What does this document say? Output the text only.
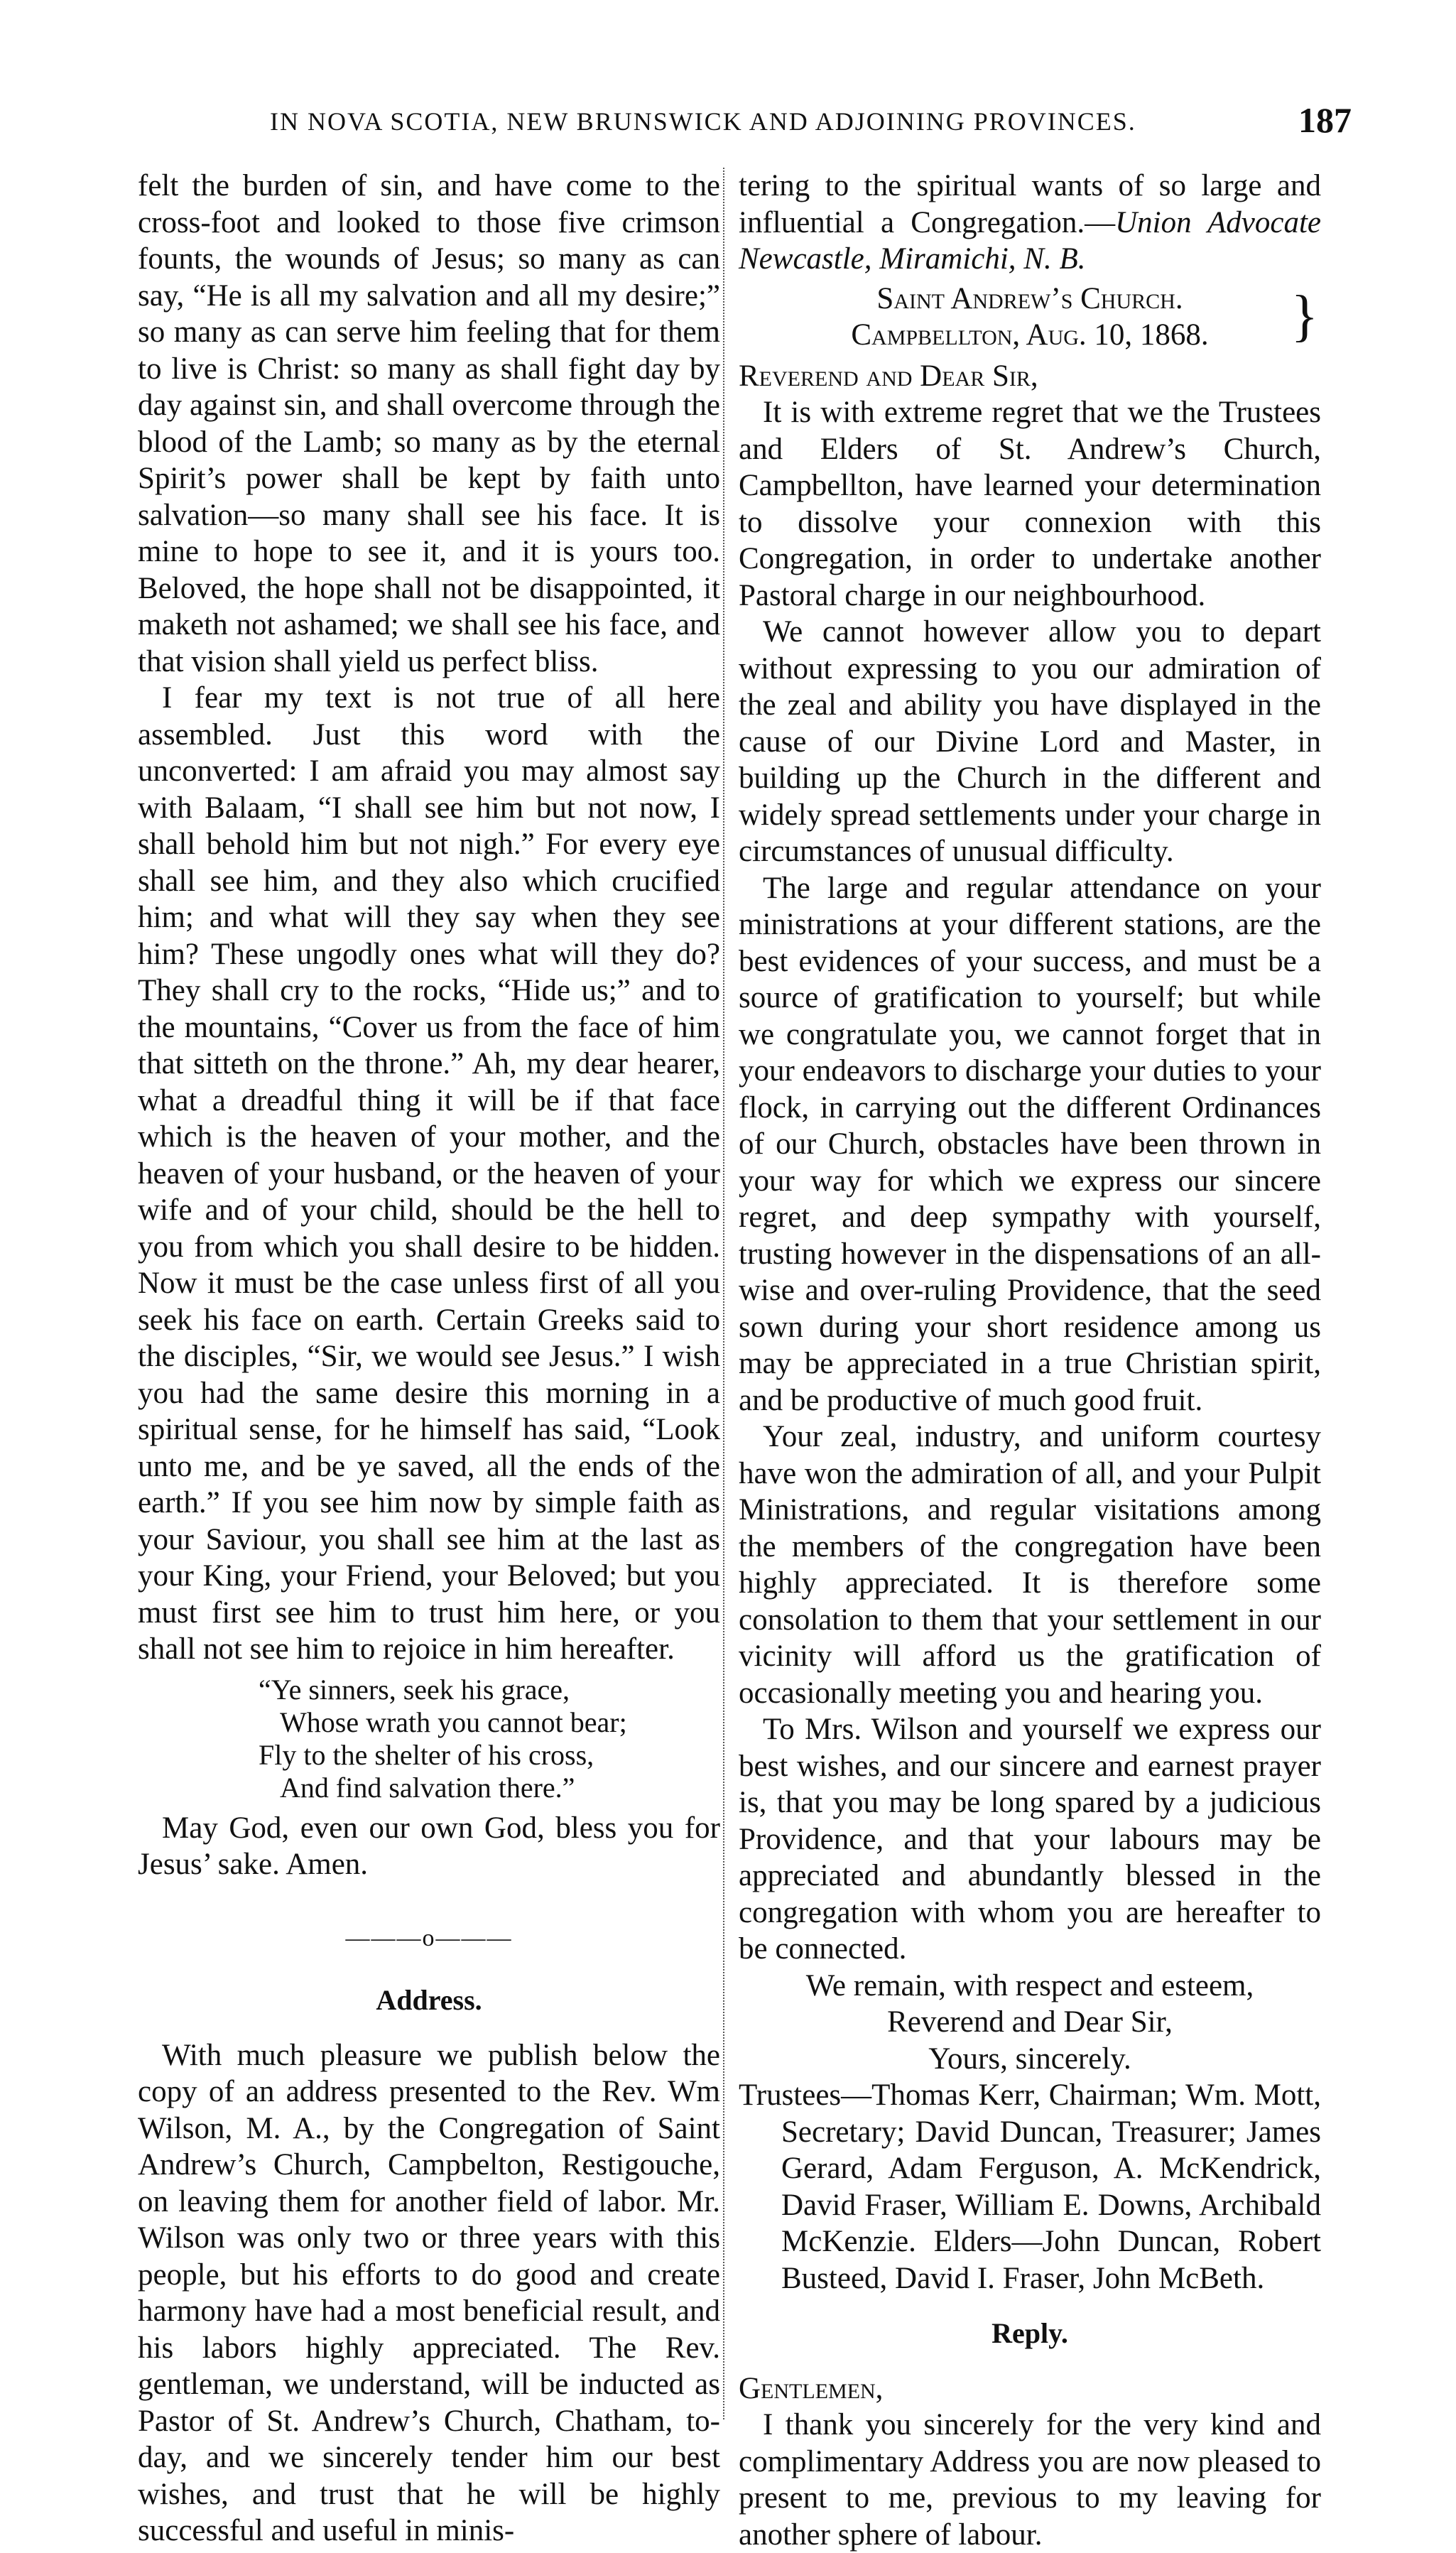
IN NOVA SCOTIA, NEW BRUNSWICK AND ADJOINING PROVINCES.	187

felt the burden of sin, and have come to the cross-foot and looked to those five crimson founts, the wounds of Jesus; so many as can say, “He is all my salvation and all my desire;” so many as can serve him feeling that for them to live is Christ: so many as shall fight day by day against sin, and shall overcome through the blood of the Lamb; so many as by the eternal Spirit’s power shall be kept by faith unto salvation—so many shall see his face. It is mine to hope to see it, and it is yours too. Beloved, the hope shall not be disappointed, it maketh not ashamed; we shall see his face, and that vision shall yield us perfect bliss.

I fear my text is not true of all here assembled. Just this word with the unconverted: I am afraid you may almost say with Balaam, “I shall see him but not now, I shall behold him but not nigh.” For every eye shall see him, and they also which crucified him; and what will they say when they see him? These ungodly ones what will they do? They shall cry to the rocks, “Hide us;” and to the mountains, “Cover us from the face of him that sitteth on the throne.” Ah, my dear hearer, what a dreadful thing it will be if that face which is the heaven of your mother, and the heaven of your husband, or the heaven of your wife and of your child, should be the hell to you from which you shall desire to be hidden. Now it must be the case unless first of all you seek his face on earth. Certain Greeks said to the disciples, “Sir, we would see Jesus.” I wish you had the same desire this morning in a spiritual sense, for he himself has said, “Look unto me, and be ye saved, all the ends of the earth.” If you see him now by simple faith as your Saviour, you shall see him at the last as your King, your Friend, your Beloved; but you must first see him to trust him here, or you shall not see him to rejoice in him hereafter.

“Ye sinners, seek his grace,
Whose wrath you cannot bear;
Fly to the shelter of his cross,
And find salvation there.”

May God, even our own God, bless you for Jesus’ sake. Amen.

———o———
Address.

With much pleasure we publish below the copy of an address presented to the Rev. Wm Wilson, M. A., by the Congregation of Saint Andrew’s Church, Campbelton, Restigouche, on leaving them for another field of labor. Mr. Wilson was only two or three years with this people, but his efforts to do good and create harmony have had a most beneficial result, and his labors highly appreciated. The Rev. gentleman, we understand, will be inducted as Pastor of St. Andrew’s Church, Chatham, to-day, and we sincerely tender him our best wishes, and trust that he will be highly successful and useful in minis-

tering to the spiritual wants of so large and influential a Congregation.—Union Advocate Newcastle, Miramichi, N. B.

Saint Andrew’s Church.
Campbellton, Aug. 10, 1868.	}

Reverend and Dear Sir,

It is with extreme regret that we the Trustees and Elders of St. Andrew’s Church, Campbellton, have learned your determination to dissolve your connexion with this Congregation, in order to undertake another Pastoral charge in our neighbourhood.

We cannot however allow you to depart without expressing to you our admiration of the zeal and ability you have displayed in the cause of our Divine Lord and Master, in building up the Church in the different and widely spread settlements under your charge in circumstances of unusual difficulty.

The large and regular attendance on your ministrations at your different stations, are the best evidences of your success, and must be a source of gratification to yourself; but while we congratulate you, we cannot forget that in your endeavors to discharge your duties to your flock, in carrying out the different Ordinances of our Church, obstacles have been thrown in your way for which we express our sincere regret, and deep sympathy with yourself, trusting however in the dispensations of an all-wise and over-ruling Providence, that the seed sown during your short residence among us may be appreciated in a true Christian spirit, and be productive of much good fruit.

Your zeal, industry, and uniform courtesy have won the admiration of all, and your Pulpit Ministrations, and regular visitations among the members of the congregation have been highly appreciated. It is therefore some consolation to them that your settlement in our vicinity will afford us the gratification of occasionally meeting you and hearing you.

To Mrs. Wilson and yourself we express our best wishes, and our sincere and earnest prayer is, that you may be long spared by a judicious Providence, and that your labours may be appreciated and abundantly blessed in the congregation with whom you are hereafter to be connected.

We remain, with respect and esteem,
Reverend and Dear Sir,
Yours, sincerely.

Trustees—Thomas Kerr, Chairman; Wm. Mott, Secretary; David Duncan, Treasurer; James Gerard, Adam Ferguson, A. McKendrick, David Fraser, William E. Downs, Archibald McKenzie. Elders—John Duncan, Robert Busteed, David I. Fraser, John McBeth.

Reply.

Gentlemen,

I thank you sincerely for the very kind and complimentary Address you are now pleased to present to me, previous to my leaving for another sphere of labour.
